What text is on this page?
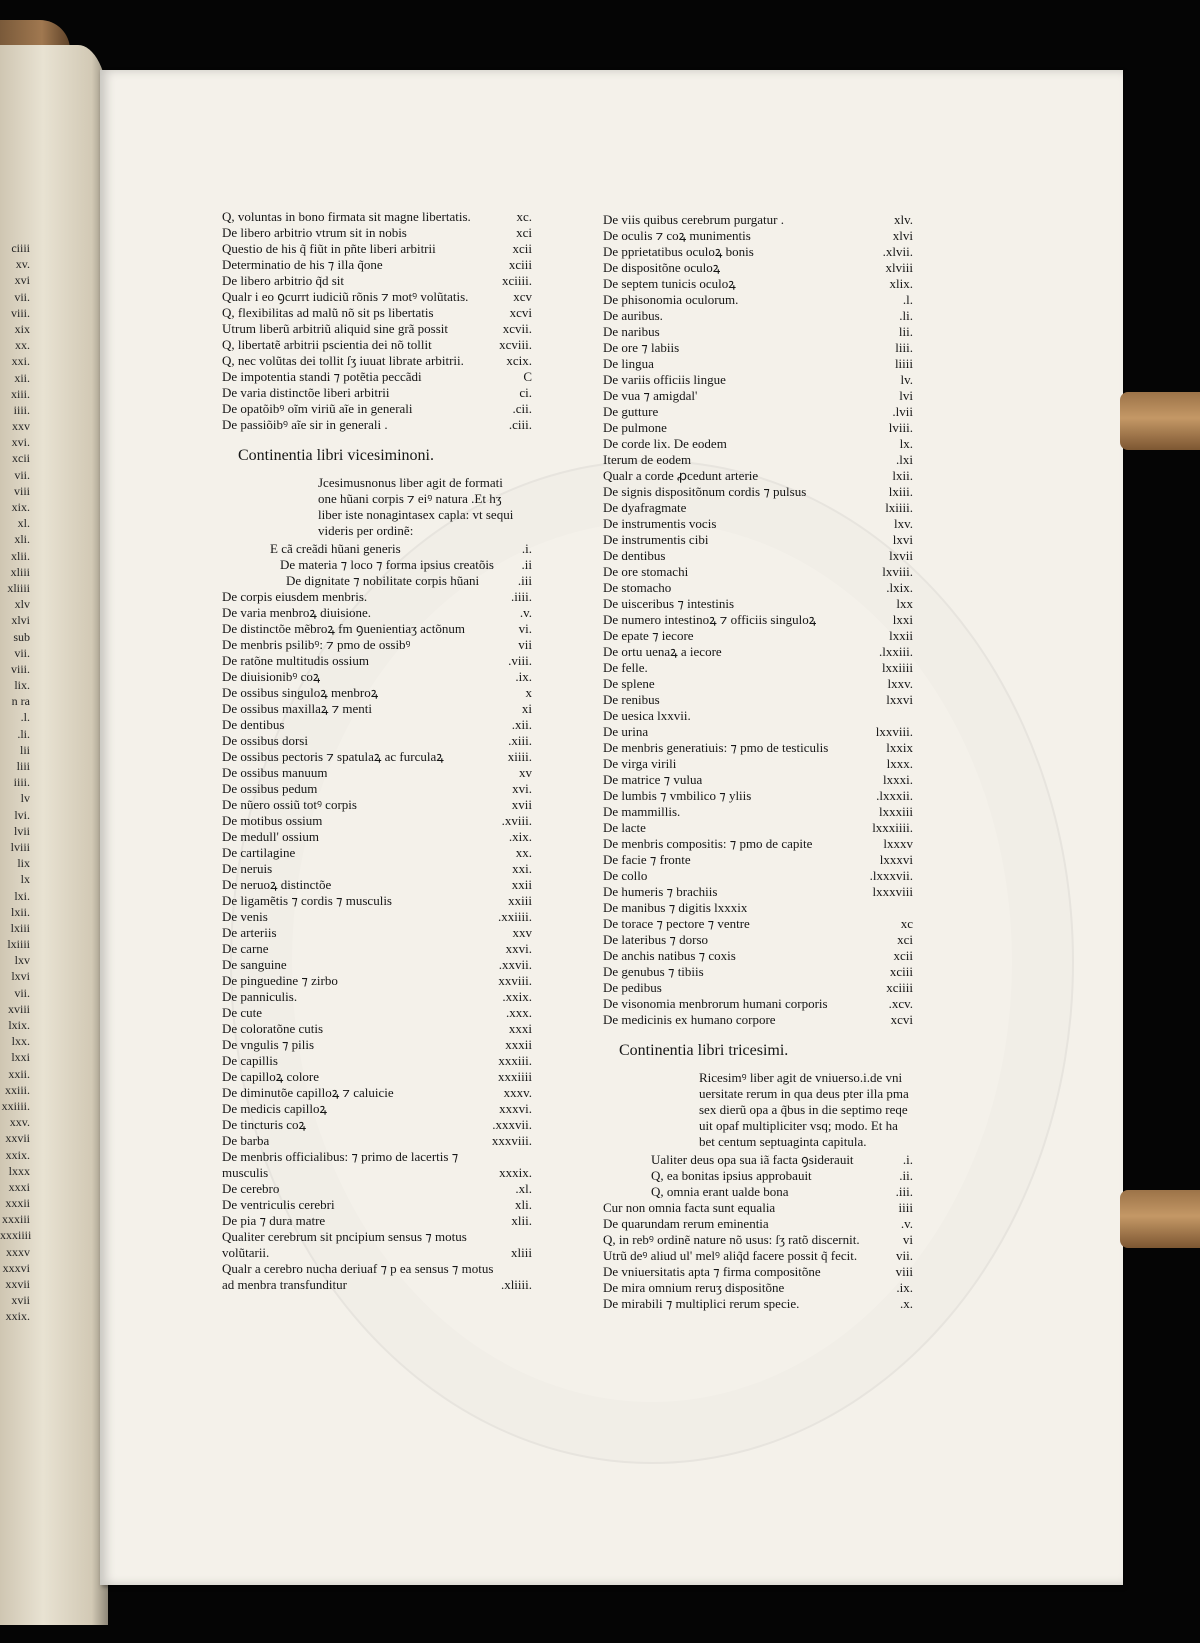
ciiii
xv.
xvi
vii.
viii.
xix
xx.
xxi.
xii.
xiii.
iiii.
xxv
xvi.
xcii
vii.
viii
xix.
xl.
xli.
xlii.
xliii
xliiii
xlv
xlvi
sub
vii.
viii.
lix.
n ra
.l.
.li.
lii
liii
iiii.
lv
lvi.
lvii
lviii
lix
lx
lxi.
lxii.
lxiii
lxiiii
lxv
lxvi
vii.
xviii
lxix.
lxx.
lxxi
xxii.
xxiii.
xxiiii.
xxv.
xxvii
xxix.
lxxx
xxxi
xxxii
xxxiii
xxxiiii
xxxv
xxxvi
xxvii
xvii
xxix.
Q, voluntas in bono firmata sit magne libertatis.	xc.
De libero arbitrio vtrum sit in nobis	xci
Questio de his q̃ fiũt in pñte liberi arbitrii	xcii
Determinatio de his ⁊ illa q̃one	xciii
De libero arbitrio q̃d sit	xciiii.
Qualr i eo ꝯcurrt iudiciũ rõnis ⁊ motꝰ volũtatis.	xcv
Q, flexibilitas ad malũ nõ sit ps libertatis	xcvi
Utrum liberũ arbitriũ aliquid sine grã possit	xcvii.
Q, libertatẽ arbitrii pscientia dei nõ tollit	xcviii.
Q, nec volũtas dei tollit ſʒ iuuat librate arbitrii.	xcix.
De impotentia standi ⁊ potẽtia peccãdi	C
De varia distinctõe liberi arbitrii	ci.
De opatõibꝰ oĩm viriũ aĩe in generali	.cii.
De passiõibꝰ aĩe sir in generali .	.ciii.
Continentia libri vicesiminoni.
Jcesimusnonus liber agit de formati
one hũani corpis ⁊ eiꝰ natura .Et hʒ
liber iste nonagintasex capla: vt sequi
videris per ordinẽ:
E cã creãdi hũani generis	.i.
De materia ⁊ loco ⁊ forma ipsius creatõis	.ii
De dignitate ⁊ nobilitate corpis hũani	.iii
De corpis eiusdem menbris.	.iiii.
De varia menbroꝝ diuisione.	.v.
De distinctõe mẽbroꝝ fm ꝯuenientiaʒ actõnum	vi.
De menbris psilibꝰ: ⁊ pmo de ossibꝰ	vii
De ratõne multitudis ossium	.viii.
De diuisionibꝰ coꝝ	.ix.
De ossibus singuloꝝ menbroꝝ	x
De ossibus maxillaꝝ ⁊ menti	xi
De dentibus	.xii.
De ossibus dorsi	.xiii.
De ossibus pectoris ⁊ spatulaꝝ ac furculaꝝ	xiiii.
De ossibus manuum	xv
De ossibus pedum	xvi.
De nũero ossiũ totꝰ corpis	xvii
De motibus ossium	.xviii.
De medull' ossium	.xix.
De cartilagine	xx.
De neruis	xxi.
De neruoꝝ distinctõe	xxii
De ligamẽtis ⁊ cordis ⁊ musculis	xxiii
De venis	.xxiiii.
De arteriis	xxv
De carne	xxvi.
De sanguine	.xxvii.
De pinguedine ⁊ zirbo	xxviii.
De panniculis.	.xxix.
De cute	.xxx.
De coloratõne cutis	xxxi
De vngulis ⁊ pilis	xxxii
De capillis	xxxiii.
De capilloꝝ colore	xxxiiii
De diminutõe capilloꝝ ⁊ caluicie	xxxv.
De medicis capilloꝝ	xxxvi.
De tincturis coꝝ	.xxxvii.
De barba	xxxviii.
De menbris officialibus: ⁊ primo de lacertis ⁊ musculis	xxxix.
De cerebro	.xl.
De ventriculis cerebri	xli.
De pia ⁊ dura matre	xlii.
Qualiter cerebrum sit pncipium sensus ⁊ motus volũtarii.	xliii
Qualr a cerebro nucha deriuaf ⁊ p ea sensus ⁊ motus ad menbra transfunditur	.xliiii.
De viis quibus cerebrum purgatur .	xlv.
De oculis ⁊ coꝝ munimentis	xlvi
De pprietatibus oculoꝝ bonis	.xlvii.
De dispositõne oculoꝝ	xlviii
De septem tunicis oculoꝝ	xlix.
De phisonomia oculorum.	.l.
De auribus.	.li.
De naribus	lii.
De ore ⁊ labiis	liii.
De lingua	liiii
De variis officiis lingue	lv.
De vua ⁊ amigdal'	lvi
De gutture	.lvii
De pulmone	lviii.
De corde lix. De eodem	lx.
Iterum de eodem	.lxi
Qualr a corde ꝓcedunt arterie	lxii.
De signis dispositõnum cordis ⁊ pulsus	lxiii.
De dyafragmate	lxiiii.
De instrumentis vocis	lxv.
De instrumentis cibi	lxvi
De dentibus	lxvii
De ore stomachi	lxviii.
De stomacho	.lxix.
De uisceribus ⁊ intestinis	lxx
De numero intestinoꝝ ⁊ officiis singuloꝝ	lxxi
De epate ⁊ iecore	lxxii
De ortu uenaꝝ a iecore	.lxxiii.
De felle.	lxxiiii
De splene	lxxv.
De renibus	lxxvi
De uesica lxxvii.
De urina	lxxviii.
De menbris generatiuis: ⁊ pmo de testiculis	lxxix
De virga virili	lxxx.
De matrice ⁊ vulua	lxxxi.
De lumbis ⁊ vmbilico ⁊ yliis	.lxxxii.
De mammillis.	lxxxiii
De lacte	lxxxiiii.
De menbris compositis: ⁊ pmo de capite	lxxxv
De facie ⁊ fronte	lxxxvi
De collo	.lxxxvii.
De humeris ⁊ brachiis	lxxxviii
De manibus ⁊ digitis lxxxix
De torace ⁊ pectore ⁊ ventre	xc
De lateribus ⁊ dorso	xci
De anchis natibus ⁊ coxis	xcii
De genubus ⁊ tibiis	xciii
De pedibus	xciiii
De visonomia menbrorum humani corporis	.xcv.
De medicinis ex humano corpore	xcvi
Continentia libri tricesimi.
Ricesimꝰ liber agit de vniuerso.i.de vni
uersitate rerum in qua deus pter illa pma
sex dierũ opa a q̃bus in die septimo reqe
uit opaf multipliciter vsq; modo. Et ha
bet centum septuaginta capitula.
Ualiter deus opa sua iã facta ꝯsiderauit	.i.
Q, ea bonitas ipsius approbauit	.ii.
Q, omnia erant ualde bona	.iii.
Cur non omnia facta sunt equalia	iiii
De quarundam rerum eminentia	.v.
Q, in rebꝰ ordinẽ nature nõ usus: ſʒ ratõ discernit.	vi
Utrũ deꝰ aliud ul' melꝰ aliq̃d facere possit q̃ fecit.	vii.
De vniuersitatis apta ⁊ firma compositõne	viii
De mira omnium reruʒ dispositõne	.ix.
De mirabili ⁊ multiplici rerum specie.	.x.
